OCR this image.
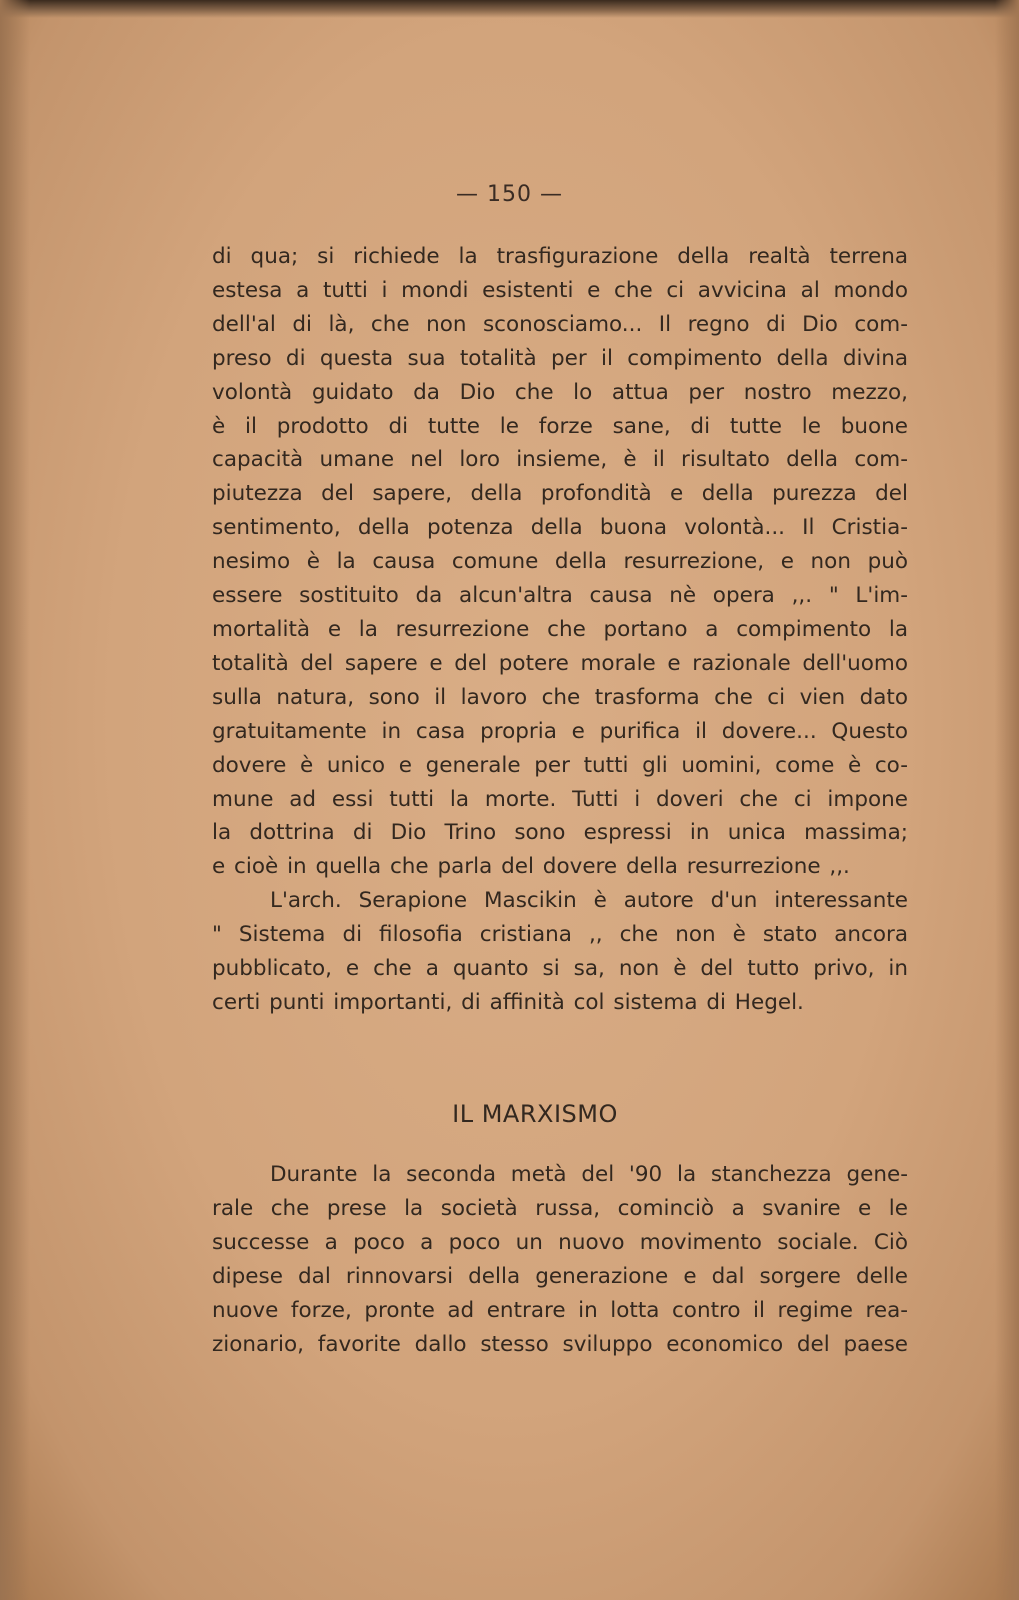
— 150 —
di qua; si richiede la trasfigurazione della realtà terrena
estesa a tutti i mondi esistenti e che ci avvicina al mondo
dell'al di là, che non sconosciamo... Il regno di Dio com-
preso di questa sua totalità per il compimento della divina
volontà guidato da Dio che lo attua per nostro mezzo,
è il prodotto di tutte le forze sane, di tutte le buone
capacità umane nel loro insieme, è il risultato della com-
piutezza del sapere, della profondità e della purezza del
sentimento, della potenza della buona volontà... Il Cristia-
nesimo è la causa comune della resurrezione, e non può
essere sostituito da alcun'altra causa nè opera ,,. " L'im-
mortalità e la resurrezione che portano a compimento la
totalità del sapere e del potere morale e razionale dell'uomo
sulla natura, sono il lavoro che trasforma che ci vien dato
gratuitamente in casa propria e purifica il dovere... Questo
dovere è unico e generale per tutti gli uomini, come è co-
mune ad essi tutti la morte. Tutti i doveri che ci impone
la dottrina di Dio Trino sono espressi in unica massima;
e cioè in quella che parla del dovere della resurrezione ,,.
L'arch. Serapione Mascikin è autore d'un interessante
" Sistema di filosofia cristiana ,, che non è stato ancora
pubblicato, e che a quanto si sa, non è del tutto privo, in
certi punti importanti, di affinità col sistema di Hegel.
IL MARXISMO
Durante la seconda metà del '90 la stanchezza gene-
rale che prese la società russa, cominciò a svanire e le
successe a poco a poco un nuovo movimento sociale. Ciò
dipese dal rinnovarsi della generazione e dal sorgere delle
nuove forze, pronte ad entrare in lotta contro il regime rea-
zionario, favorite dallo stesso sviluppo economico del paese
